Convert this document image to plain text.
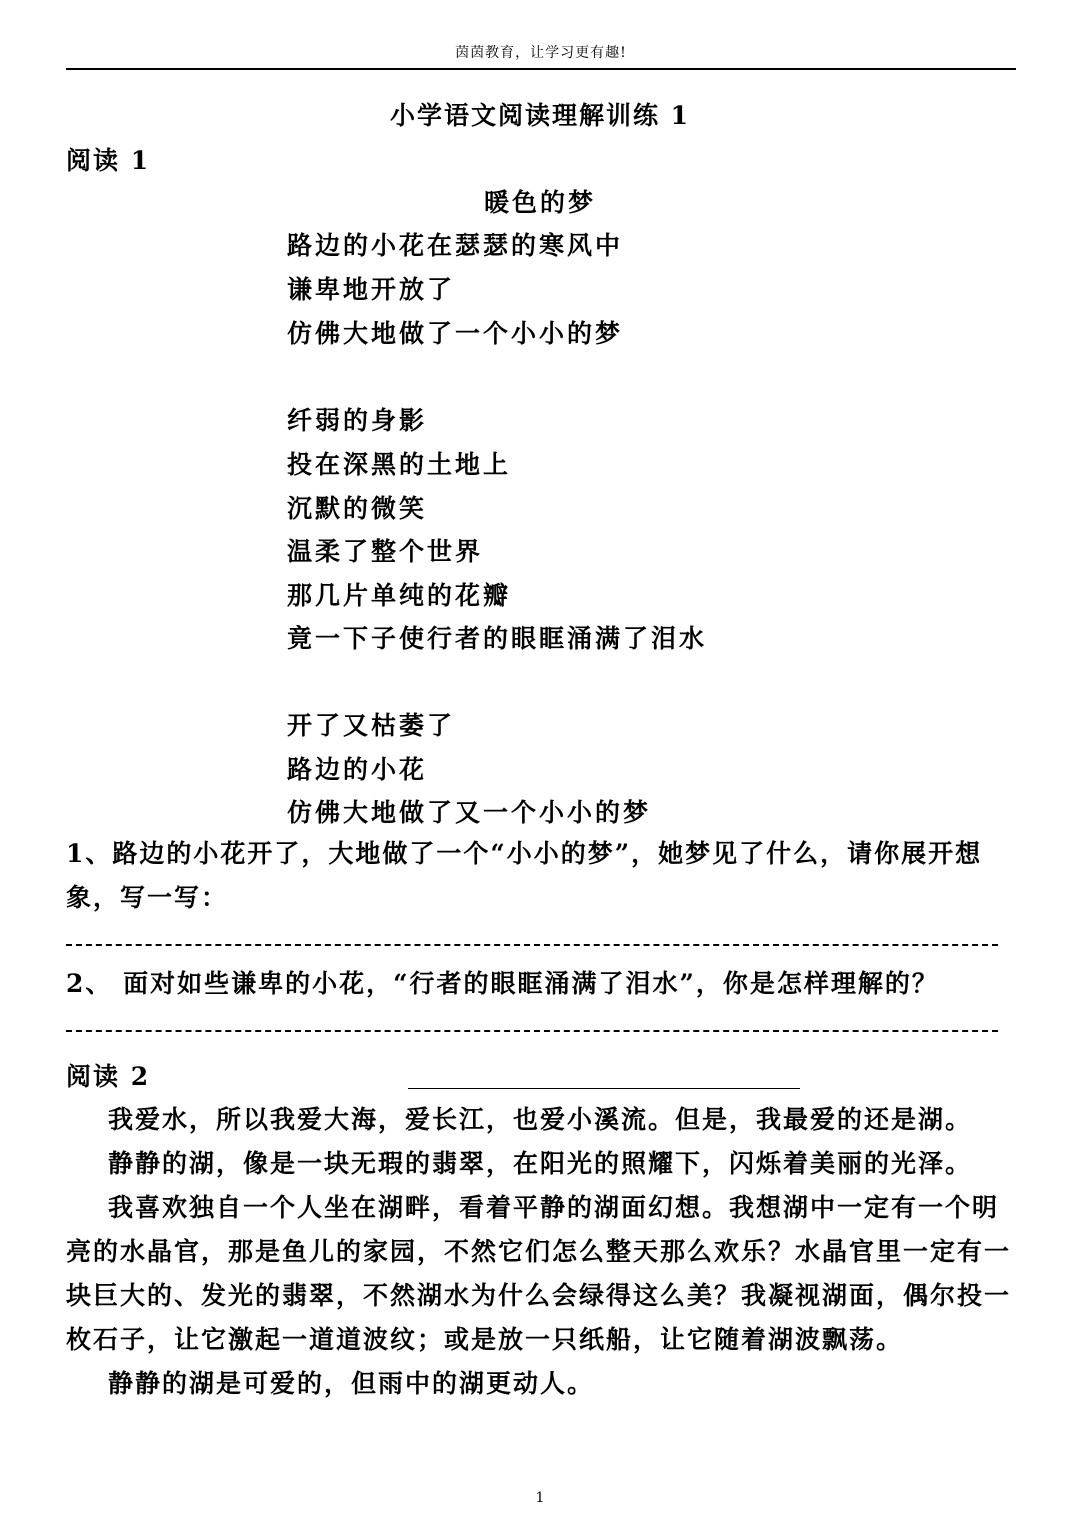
茵茵教育，让学习更有趣!
小学语文阅读理解训练 1
阅读 1
暖色的梦
路边的小花在瑟瑟的寒风中
谦卑地开放了
仿佛大地做了一个小小的梦
纤弱的身影
投在深黑的土地上
沉默的微笑
温柔了整个世界
那几片单纯的花瓣
竟一下子使行者的眼眶涌满了泪水
开了又枯萎了
路边的小花
仿佛大地做了又一个小小的梦
1、路边的小花开了，大地做了一个“小小的梦”，她梦见了什么，请你展开想象，写一写：
2、 面对如些谦卑的小花，“行者的眼眶涌满了泪水”，你是怎样理解的？
阅读 2

我爱水，所以我爱大海，爱长江，也爱小溪流。但是，我最爱的还是湖。

静静的湖，像是一块无瑕的翡翠，在阳光的照耀下，闪烁着美丽的光泽。

我喜欢独自一个人坐在湖畔，看着平静的湖面幻想。我想湖中一定有一个明亮的水晶官，那是鱼儿的家园，不然它们怎么整天那么欢乐？水晶官里一定有一块巨大的、发光的翡翠，不然湖水为什么会绿得这么美？我凝视湖面，偶尔投一枚石子，让它激起一道道波纹；或是放一只纸船，让它随着湖波飘荡。

静静的湖是可爱的，但雨中的湖更动人。

1
